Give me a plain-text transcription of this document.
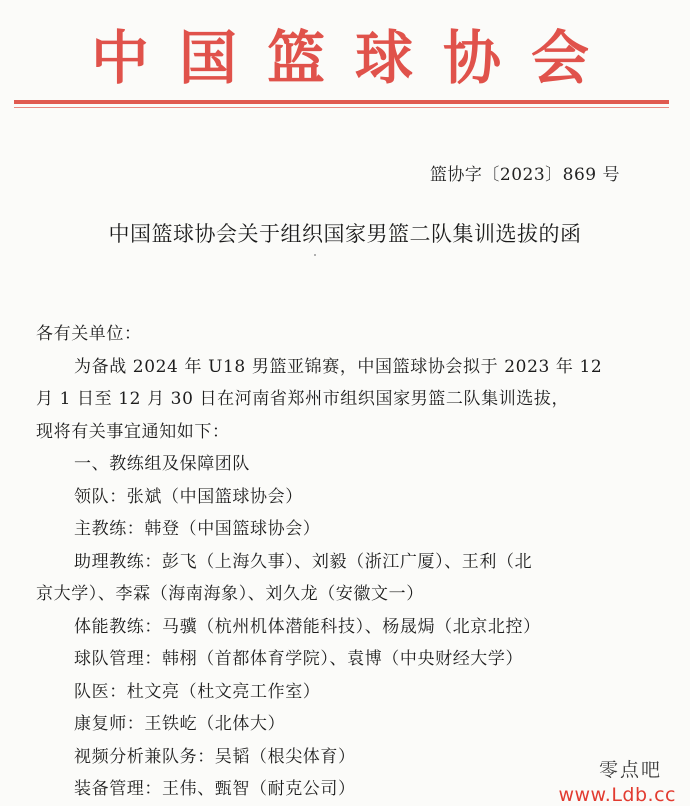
中国篮球协会
篮协字〔2023〕869 号
中国篮球协会关于组织国家男篮二队集训选拔的函
各有关单位：
为备战 2024 年 U18 男篮亚锦赛，中国篮球协会拟于 2023 年 12
月 1 日至 12 月 30 日在河南省郑州市组织国家男篮二队集训选拔，
现将有关事宜通知如下：
一、教练组及保障团队
领队：张斌（中国篮球协会）
主教练：韩登（中国篮球协会）
助理教练：彭飞（上海久事）、刘毅（浙江广厦）、王利（北
京大学）、李霖（海南海象）、刘久龙（安徽文一）
体能教练：马骥（杭州机体潜能科技）、杨晟焗（北京北控）
球队管理：韩栩（首都体育学院）、袁博（中央财经大学）
队医：杜文亮（杜文亮工作室）
康复师：王铁屹（北体大）
视频分析兼队务：吴韬（根尖体育）
装备管理：王伟、甄智（耐克公司）
零点吧
www.Ldb.cc
